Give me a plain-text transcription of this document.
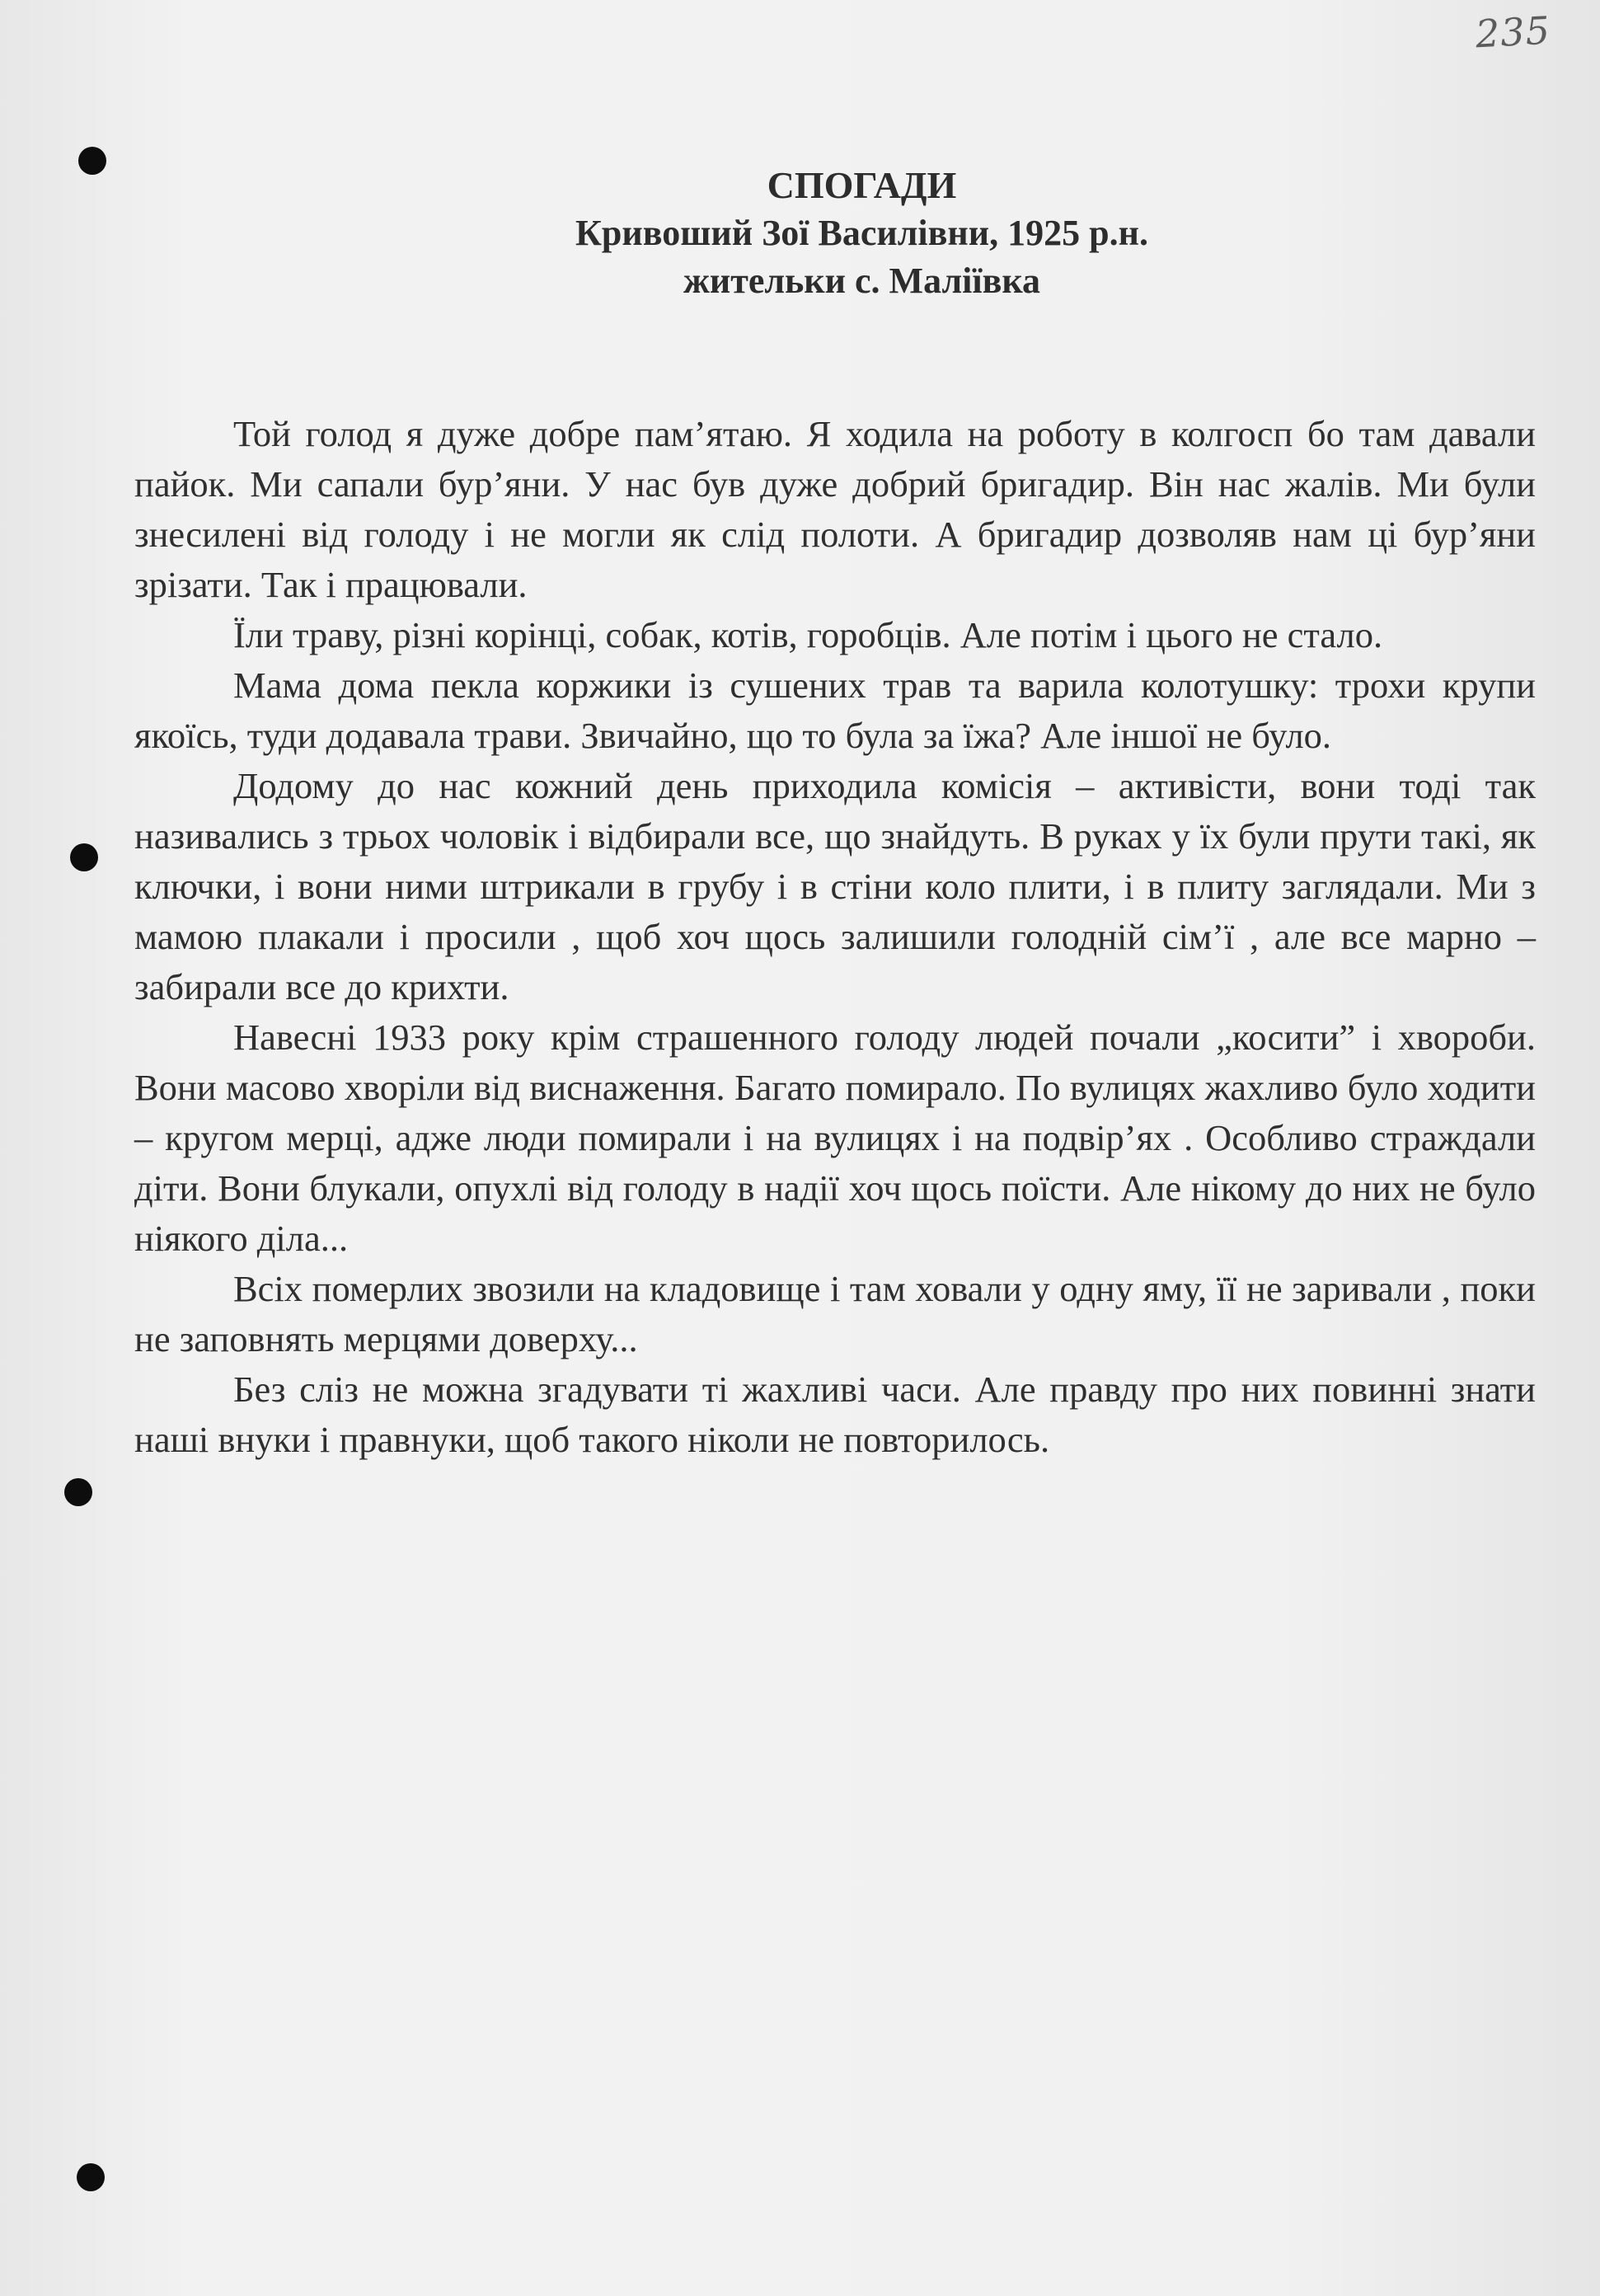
235
СПОГАДИ
Кривоший Зої Василівни, 1925 р.н.
жительки с. Маліївка

Той голод я дуже добре пам’ятаю. Я ходила на роботу в колгосп бо там давали пайок. Ми сапали бур’яни. У нас був дуже добрий бригадир. Він нас жалів. Ми були знесилені від голоду і не могли як слід полоти. А бригадир дозволяв нам ці бур’яни зрізати. Так і працювали.

Їли траву, різні корінці, собак, котів, горобців. Але потім і цього не стало.

Мама дома пекла коржики із сушених трав та варила колотушку: трохи крупи якоїсь, туди додавала трави. Звичайно, що то була за їжа? Але іншої не було.

Додому до нас кожний день приходила комісія – активісти, вони тоді так називались з трьох чоловік і відбирали все, що знайдуть. В руках у їх були прути такі, як ключки, і вони ними штрикали в грубу і в стіни коло плити, і в плиту заглядали. Ми з мамою плакали і просили , щоб хоч щось залишили голодній сім’ї , але все марно – забирали все до крихти.

Навесні 1933 року крім страшенного голоду людей почали „косити” і хвороби. Вони масово хворіли від виснаження. Багато помирало. По вулицях жахливо було ходити – кругом мерці, адже люди помирали і на вулицях і на подвір’ях . Особливо страждали діти. Вони блукали, опухлі від голоду в надії хоч щось поїсти. Але нікому до них не було ніякого діла...

Всіх померлих звозили на кладовище і там ховали у одну яму, її не заривали , поки не заповнять мерцями доверху...

Без сліз не можна згадувати ті жахливі часи. Але правду про них повинні знати наші внуки і правнуки, щоб такого ніколи не повторилось.
